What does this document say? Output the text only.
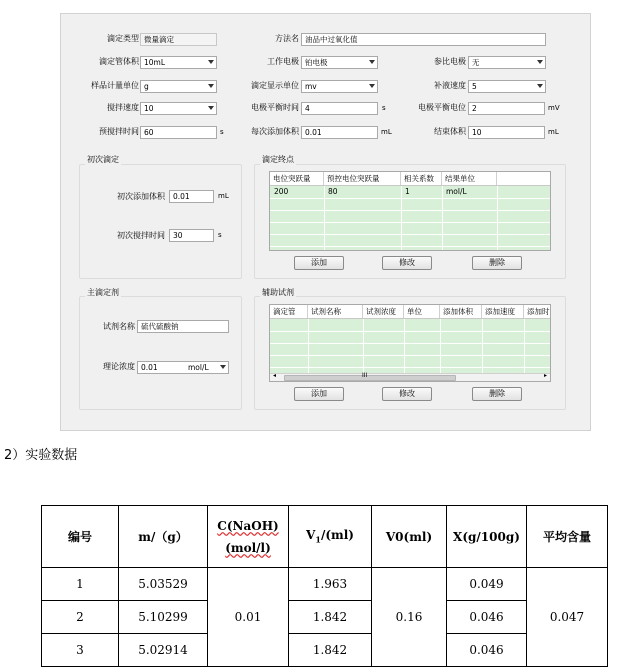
滴定类型 微量滴定	方法名 油品中过氧化值
滴定管体积 10mL	工作电极 铂电极	参比电极 无
样品计量单位 g	滴定显示单位 mv	补液速度 5
搅拌速度 10	电极平衡时间 4	s	电极平衡电位 2	mV
预搅拌时间 60	s	每次添加体积 0.01	mL	结束体积 10	mL
初次滴定
初次添加体积	0.01	mL
初次搅拌时间	30	s
滴定终点
电位突跃量	预控电位突跃量	相关系数	结果单位
200	80	1	mol/L
添加	修改	删除
主滴定剂
试剂名称 硫代硫酸钠
理论浓度 0.01	mol/L
辅助试剂
滴定管	试剂名称	试剂浓度	单位	添加体积	添加速度	添加时
◂	III	▸
添加	修改	删除
2）实验数据
编号	m/（g）	C(NaOH)
(mol/l)	$V_1/(ml)$	V0(ml)	X(g/100g)	平均含量
1	5.03529	0.01	1.963	0.16	0.049	0.047
2	5.10299		1.842		0.046	
3	5.02914		1.842		0.046	
